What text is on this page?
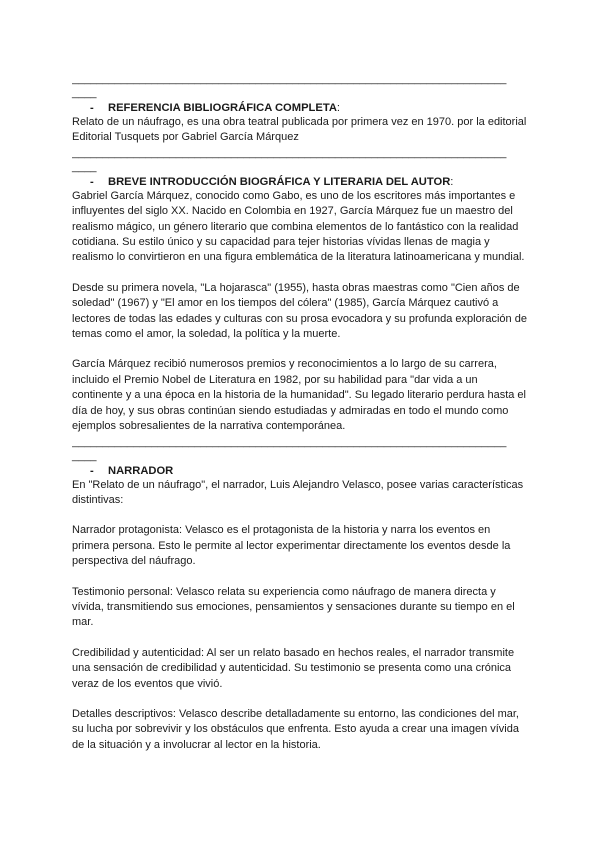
_______________________________________________________________________
____
- REFERENCIA BIBLIOGRÁFICA COMPLETA:

Relato de un náufrago, es una obra teatral publicada por primera vez en 1970. por la editorial Editorial Tusquets por Gabriel García Márquez

_______________________________________________________________________
____
- BREVE INTRODUCCIÓN BIOGRÁFICA Y LITERARIA DEL AUTOR:

Gabriel García Márquez, conocido como Gabo, es uno de los escritores más importantes e influyentes del siglo XX. Nacido en Colombia en 1927, García Márquez fue un maestro del realismo mágico, un género literario que combina elementos de lo fantástico con la realidad cotidiana. Su estilo único y su capacidad para tejer historias vívidas llenas de magia y realismo lo convirtieron en una figura emblemática de la literatura latinoamericana y mundial.

Desde su primera novela, "La hojarasca" (1955), hasta obras maestras como "Cien años de soledad" (1967) y "El amor en los tiempos del cólera" (1985), García Márquez cautivó a lectores de todas las edades y culturas con su prosa evocadora y su profunda exploración de temas como el amor, la soledad, la política y la muerte.

García Márquez recibió numerosos premios y reconocimientos a lo largo de su carrera, incluido el Premio Nobel de Literatura en 1982, por su habilidad para "dar vida a un continente y a una época en la historia de la humanidad". Su legado literario perdura hasta el día de hoy, y sus obras continúan siendo estudiadas y admiradas en todo el mundo como ejemplos sobresalientes de la narrativa contemporánea.

_______________________________________________________________________
____
- NARRADOR

En "Relato de un náufrago", el narrador, Luis Alejandro Velasco, posee varias características distintivas:

Narrador protagonista: Velasco es el protagonista de la historia y narra los eventos en primera persona. Esto le permite al lector experimentar directamente los eventos desde la perspectiva del náufrago.

Testimonio personal: Velasco relata su experiencia como náufrago de manera directa y vívida, transmitiendo sus emociones, pensamientos y sensaciones durante su tiempo en el mar.

Credibilidad y autenticidad: Al ser un relato basado en hechos reales, el narrador transmite una sensación de credibilidad y autenticidad. Su testimonio se presenta como una crónica veraz de los eventos que vivió.

Detalles descriptivos: Velasco describe detalladamente su entorno, las condiciones del mar, su lucha por sobrevivir y los obstáculos que enfrenta. Esto ayuda a crear una imagen vívida de la situación y a involucrar al lector en la historia.
